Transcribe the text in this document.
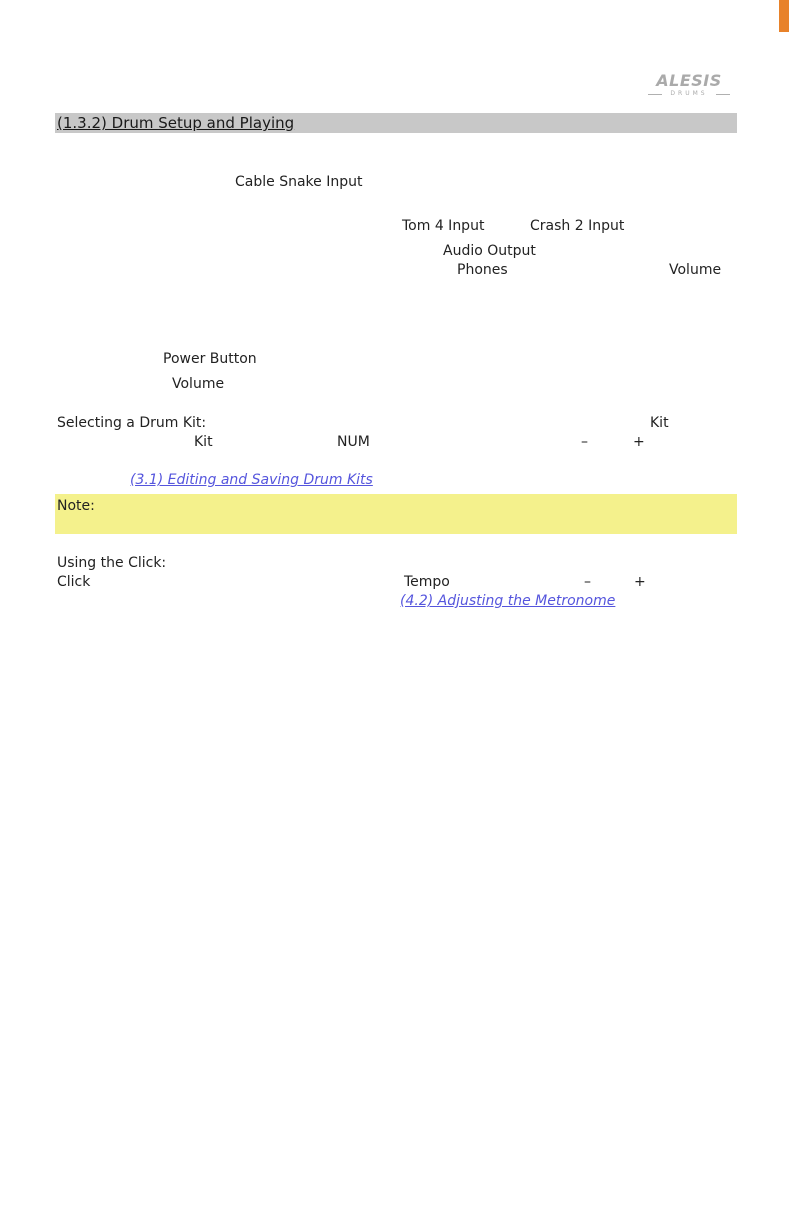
ALESIS
DRUMS
(1.3.2) Drum Setup and Playing
Cable Snake Input
Tom 4 Input	Crash 2 Input
Audio Output
Phones	Volume
Power Button
Volume
Selecting a Drum Kit:	Kit
Kit	NUM	–	+
(3.1) Editing and Saving Drum Kits
Note:
Using the Click:
Click	Tempo	–	+
(4.2) Adjusting the Metronome
